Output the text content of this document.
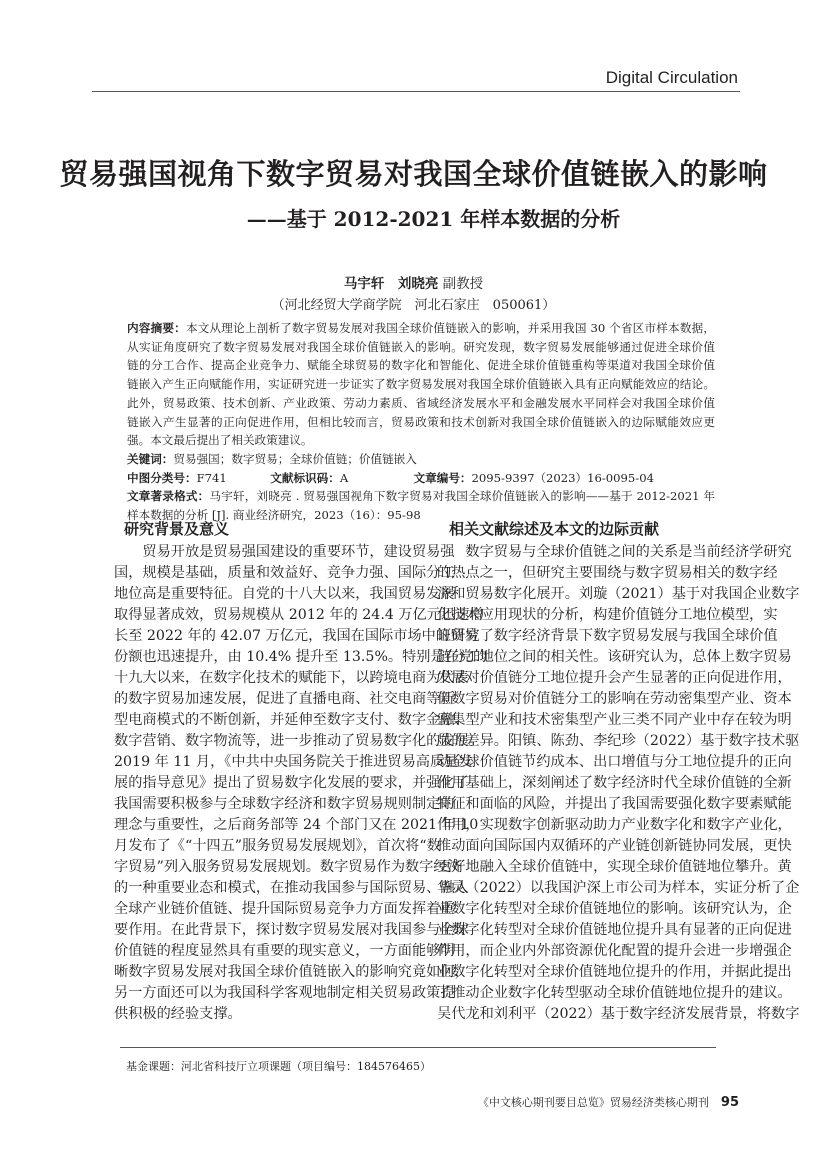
Digital Circulation
贸易强国视角下数字贸易对我国全球价值链嵌入的影响
——基于 2012-2021 年样本数据的分析
马宇轩　刘晓亮 副教授
（河北经贸大学商学院　河北石家庄　050061）
内容摘要：本文从理论上剖析了数字贸易发展对我国全球价值链嵌入的影响，并采用我国 30 个省区市样本数据，
从实证角度研究了数字贸易发展对我国全球价值链嵌入的影响。研究发现，数字贸易发展能够通过促进全球价值
链的分工合作、提高企业竞争力、赋能全球贸易的数字化和智能化、促进全球价值链重构等渠道对我国全球价值
链嵌入产生正向赋能作用，实证研究进一步证实了数字贸易发展对我国全球价值链嵌入具有正向赋能效应的结论。
此外，贸易政策、技术创新、产业政策、劳动力素质、省域经济发展水平和金融发展水平同样会对我国全球价值
链嵌入产生显著的正向促进作用，但相比较而言，贸易政策和技术创新对我国全球价值链嵌入的边际赋能效应更
强。本文最后提出了相关政策建议。
关键词：贸易强国；数字贸易；全球价值链；价值链嵌入
中图分类号：F741	文献标识码：A	文章编号：2095-9397（2023）16-0095-04
文章著录格式：马宇轩，刘晓亮 . 贸易强国视角下数字贸易对我国全球价值链嵌入的影响——基于 2012-2021 年
样本数据的分析 [J]. 商业经济研究，2023（16）：95-98
研究背景及意义
贸易开放是贸易强国建设的重要环节，建设贸易强
国，规模是基础，质量和效益好、竞争力强、国际分工
地位高是重要特征。自党的十八大以来，我国贸易发展
取得显著成效，贸易规模从 2012 年的 24.4 万亿元迅速增
长至 2022 年的 42.07 万亿元，我国在国际市场中的贸易
份额也迅速提升，由 10.4% 提升至 13.5%。特别是在党的
十九大以来，在数字化技术的赋能下，以跨境电商为代表
的数字贸易加速发展，促进了直播电商、社交电商等新
型电商模式的不断创新，并延伸至数字支付、数字金融、
数字营销、数字物流等，进一步推动了贸易数字化的发展。
2019 年 11 月，《中共中央国务院关于推进贸易高质量发
展的指导意见》提出了贸易数字化发展的要求，并强化了
我国需要积极参与全球数字经济和数字贸易规则制定的
理念与重要性，之后商务部等 24 个部门又在 2021 年 10
月发布了《“十四五”服务贸易发展规划》，首次将“数
字贸易”列入服务贸易发展规划。数字贸易作为数字经济
的一种重要业态和模式，在推动我国参与国际贸易、融入
全球产业链价值链、提升国际贸易竞争力方面发挥着重
要作用。在此背景下，探讨数字贸易发展对我国参与全球
价值链的程度显然具有重要的现实意义，一方面能够明
晰数字贸易发展对我国全球价值链嵌入的影响究竟如何，
另一方面还可以为我国科学客观地制定相关贸易政策提
供积极的经验支撑。
相关文献综述及本文的边际贡献
数字贸易与全球价值链之间的关系是当前经济学研究
的热点之一，但研究主要围绕与数字贸易相关的数字经
济和贸易数字化展开。刘璇（2021）基于对我国企业数字
化技术应用现状的分析，构建价值链分工地位模型，实
证研究了数字经济背景下数字贸易发展与我国全球价值
链分工地位之间的相关性。该研究认为，总体上数字贸易
发展对价值链分工地位提升会产生显著的正向促进作用，
但数字贸易对价值链分工的影响在劳动密集型产业、资本
密集型产业和技术密集型产业三类不同产业中存在较为明
显的差异。阳镇、陈劲、李纪珍（2022）基于数字技术驱
动全球价值链节约成本、出口增值与分工地位提升的正向
作用基础上，深刻阐述了数字经济时代全球价值链的全新
特征和面临的风险，并提出了我国需要强化数字要素赋能
作用，实现数字创新驱动助力产业数字化和数字产业化，
推动面向国际国内双循环的产业链创新链协同发展，更快
更好地融入全球价值链中，实现全球价值链地位攀升。黄
华灵（2022）以我国沪深上市公司为样本，实证分析了企
业数字化转型对全球价值链地位的影响。该研究认为，企
业数字化转型对全球价值链地位提升具有显著的正向促进
作用，而企业内外部资源优化配置的提升会进一步增强企
业数字化转型对全球价值链地位提升的作用，并据此提出
了推动企业数字化转型驱动全球价值链地位提升的建议。
吴代龙和刘利平（2022）基于数字经济发展背景，将数字
基金课题：河北省科技厅立项课题（项目编号：184576465）
《中文核心期刊要目总览》贸易经济类核心期刊 95
